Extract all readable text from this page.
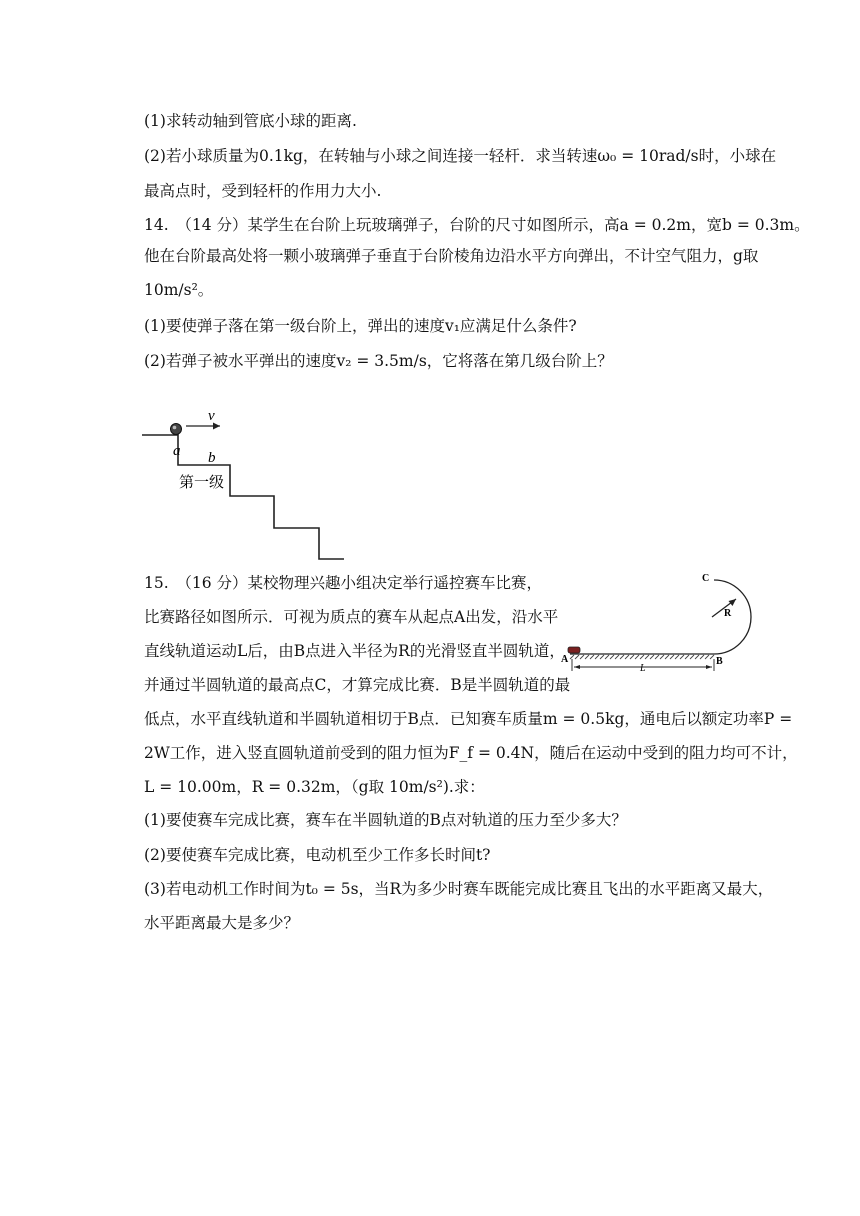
(1)求转动轴到管底小球的距离.
(2)若小球质量为0.1kg，在转轴与小球之间连接一轻杆．求当转速ω₀ = 10rad/s时，小球在
最高点时，受到轻杆的作用力大小.
14.　（14 分）某学生在台阶上玩玻璃弹子，台阶的尺寸如图所示，高a = 0.2m，宽b = 0.3m。
他在台阶最高处将一颗小玻璃弹子垂直于台阶棱角边沿水平方向弹出，不计空气阻力，g取
10m/s²。
(1)要使弹子落在第一级台阶上，弹出的速度v₁应满足什么条件?
(2)若弹子被水平弹出的速度v₂ = 3.5m/s，它将落在第几级台阶上？
v
a b
第一级
15.　（16 分）某校物理兴趣小组决定举行遥控赛车比赛，
比赛路径如图所示．可视为质点的赛车从起点A出发，沿水平
直线轨道运动L后，由B点进入半径为R的光滑竖直半圆轨道，
并通过半圆轨道的最高点C，才算完成比赛．B是半圆轨道的最
A	B
C
R
L
低点，水平直线轨道和半圆轨道相切于B点．已知赛车质量m = 0.5kg，通电后以额定功率P =
2W工作，进入竖直圆轨道前受到的阻力恒为F_f = 0.4N，随后在运动中受到的阻力均可不计，
L = 10.00m，R = 0.32m，（g取 10m/s²).求：
(1)要使赛车完成比赛，赛车在半圆轨道的B点对轨道的压力至少多大？
(2)要使赛车完成比赛，电动机至少工作多长时间t?
(3)若电动机工作时间为t₀ = 5s，当R为多少时赛车既能完成比赛且飞出的水平距离又最大，
水平距离最大是多少？
